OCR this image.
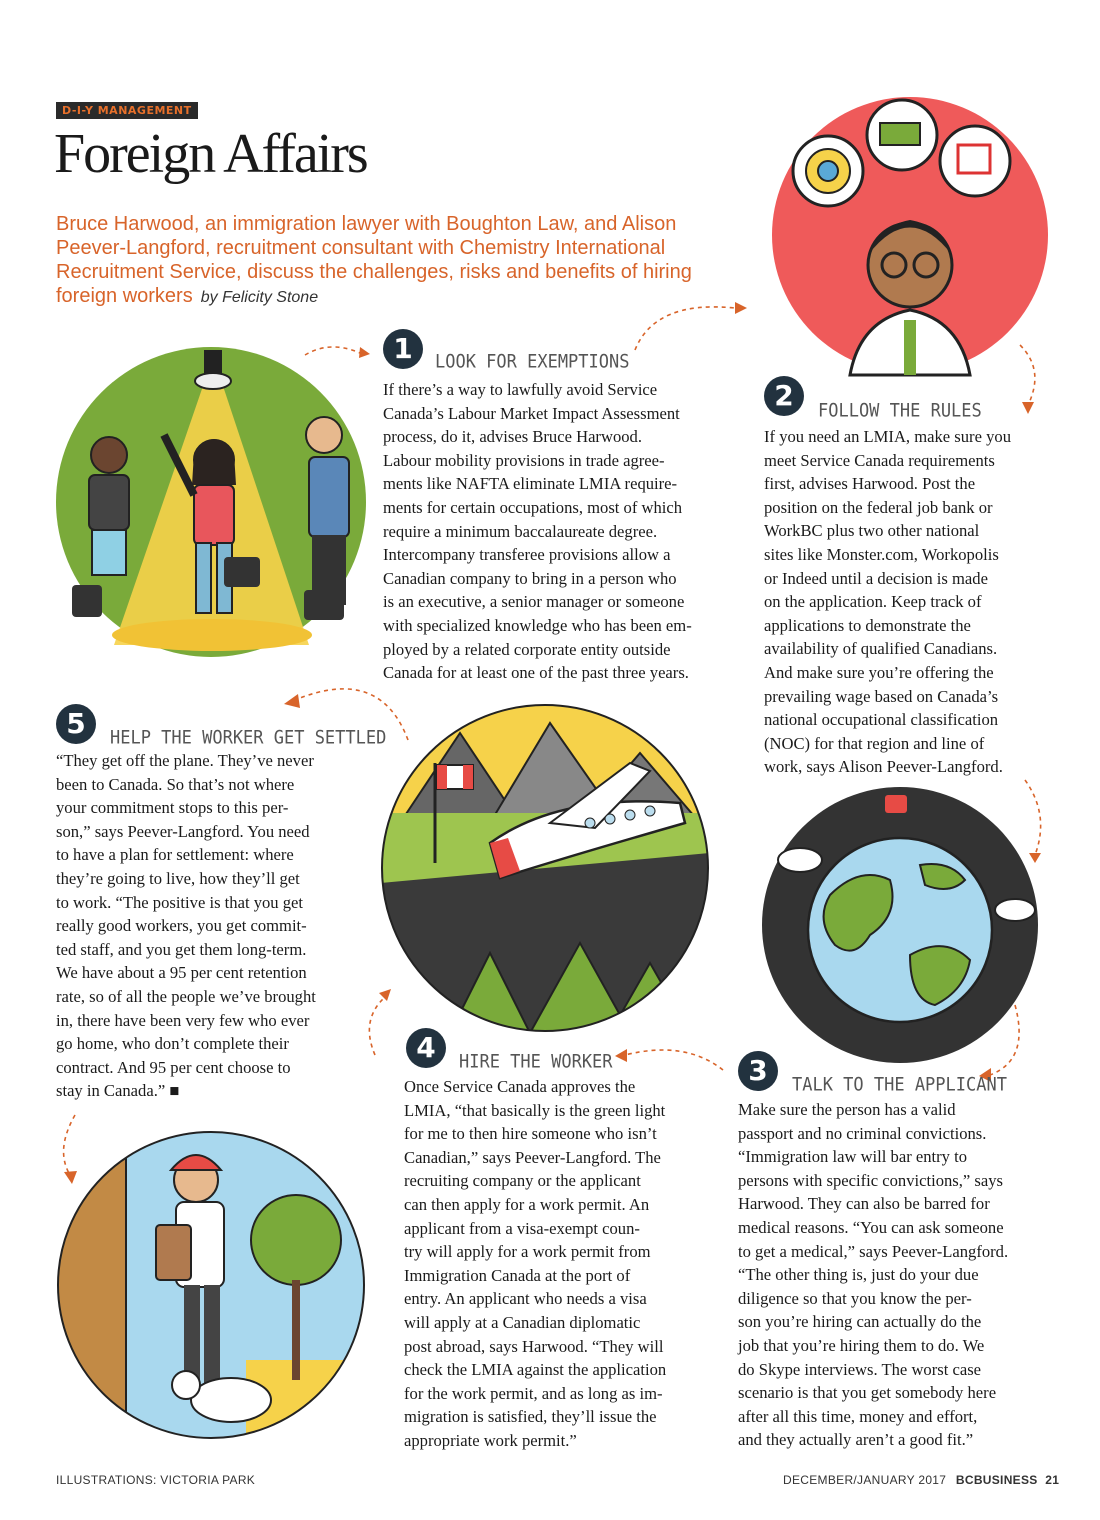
D-I-Y MANAGEMENT
Foreign Affairs
Bruce Harwood, an immigration lawyer with Boughton Law, and Alison Peever-Langford, recruitment consultant with Chemistry International Recruitment Service, discuss the challenges, risks and benefits of hiring foreign workers by Felicity Stone
1	LOOK FOR EXEMPTIONS
If there’s a way to lawfully avoid Service
Canada’s Labour Market Impact Assessment
process, do it, advises Bruce Harwood.
Labour mobility provisions in trade agree-
ments like NAFTA eliminate LMIA require-
ments for certain occupations, most of which
require a minimum baccalaureate degree.
Intercompany transferee provisions allow a
Canadian company to bring in a person who
is an executive, a senior manager or someone
with specialized knowledge who has been em-
ployed by a related corporate entity outside
Canada for at least one of the past three years.
2	FOLLOW THE RULES
If you need an LMIA, make sure you
meet Service Canada requirements
first, advises Harwood. Post the
position on the federal job bank or
WorkBC plus two other national
sites like Monster.com, Workopolis
or Indeed until a decision is made
on the application. Keep track of
applications to demonstrate the
availability of qualified Canadians.
And make sure you’re offering the
prevailing wage based on Canada’s
national occupational classification
(NOC) for that region and line of
work, says Alison Peever-Langford.
5	HELP THE WORKER GET SETTLED
“They get off the plane. They’ve never
been to Canada. So that’s not where
your commitment stops to this per-
son,” says Peever-Langford. You need
to have a plan for settlement: where
they’re going to live, how they’ll get
to work. “The positive is that you get
really good workers, you get commit-
ted staff, and you get them long-term.
We have about a 95 per cent retention
rate, so of all the people we’ve brought
in, there have been very few who ever
go home, who don’t complete their
contract. And 95 per cent choose to
stay in Canada.” ■
4	HIRE THE WORKER
Once Service Canada approves the
LMIA, “that basically is the green light
for me to then hire someone who isn’t
Canadian,” says Peever-Langford. The
recruiting company or the applicant
can then apply for a work permit. An
applicant from a visa-exempt coun-
try will apply for a work permit from
Immigration Canada at the port of
entry. An applicant who needs a visa
will apply at a Canadian diplomatic
post abroad, says Harwood. “They will
check the LMIA against the application
for the work permit, and as long as im-
migration is satisfied, they’ll issue the
appropriate work permit.”
3	TALK TO THE APPLICANT
Make sure the person has a valid
passport and no criminal convictions.
“Immigration law will bar entry to
persons with specific convictions,” says
Harwood. They can also be barred for
medical reasons. “You can ask someone
to get a medical,” says Peever-Langford.
“The other thing is, just do your due
diligence so that you know the per-
son you’re hiring can actually do the
job that you’re hiring them to do. We
do Skype interviews. The worst case
scenario is that you get somebody here
after all this time, money and effort,
and they actually aren’t a good fit.”
ILLUSTRATIONS: VICTORIA PARK	DECEMBER/JANUARY 2017 BCBUSINESS 21
